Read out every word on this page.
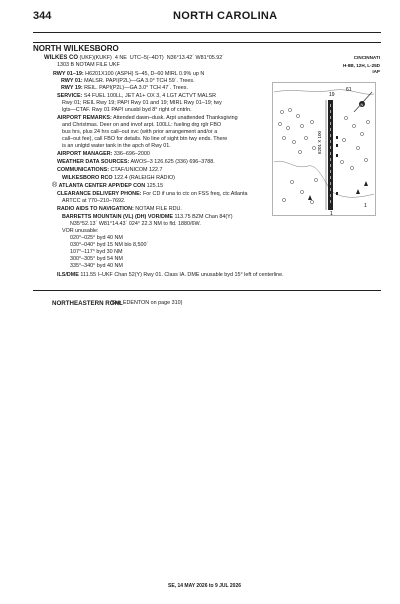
344	NORTH CAROLINA
NORTH WILKESBORO
CINCINNATI
H-8B, 12H, L-25D
IAP
WILKES CO (UKF)(KUKF) 4 NE UTC–5(–4DT) N36°13.42´ W81°05.92´
1303 B NOTAM FILE UKF
RWY 01–19: H6201X100 (ASPH) S–45, D–60 MIRL 0.9% up N
RWY 01: MALSR. PAPI(P2L)—GA 3.0° TCH 59´. Trees.
RWY 19: REIL. PAPI(P2L)—GA 3.0° TCH 47´. Trees.
SERVICE: S4 FUEL 100LL, JET A1+ OX 3, 4 LGT ACTVT MALSR
Rwy 01; REIL Rwy 19; PAPI Rwy 01 and 19; MIRL Rwy 01–19; twy
lgts—CTAF. Rwy 01 PAPI unusbl byd 8° right of cntrln.
AIRPORT REMARKS: Attended dawn–dusk. Arpt unattended Thanksgiving
and Christmas. Deer on and invof arpt. 100LL: fueling drg rglr FBO
bus hrs, plus 24 hrs call–out svc (with prior arrangement and/or a
call–out fee), call FBO for details. No line of sight btn twy ends. There
is an unlgtd water tank in the apch of Rwy 01.
AIRPORT MANAGER: 336–696–2000
WEATHER DATA SOURCES: AWOS–3 126.625 (336) 696–3788.
COMMUNICATIONS: CTAF/UNICOM 122.7
WILKESBORO RCO 122.4 (RALEIGH RADIO)
® ATLANTA CENTER APP/DEP CON 125.15
CLEARANCE DELIVERY PHONE: For CD if una to ctc on FSS freq, ctc Atlanta
ARTCC at 770–210–7692.
RADIO AIDS TO NAVIGATION: NOTAM FILE RDU.
BARRETTS MOUNTAIN (VL) (DH) VOR/DME 113.75 BZM Chan 84(Y)
N35°52.13´ W81°14.43´ 024° 22.3 NM to fld. 1880/6W.
VOR unusable:
020°–025° byd 40 NM
030°–040° byd 15 NM blo 8,500´
107°–117° byd 30 NM
300°–305° byd 54 NM
335°–340° byd 40 NM
ILS/DME 111.55 I–UKF Chan 52(Y) Rwy 01. Class IA. DME unusable byd 15° left of centerline.
NORTHEASTERN RGNL
(See EDENTON on page 310)
6201 X 100
19
1
61
1
N
SE, 14 MAY 2026 to 9 JUL 2026
